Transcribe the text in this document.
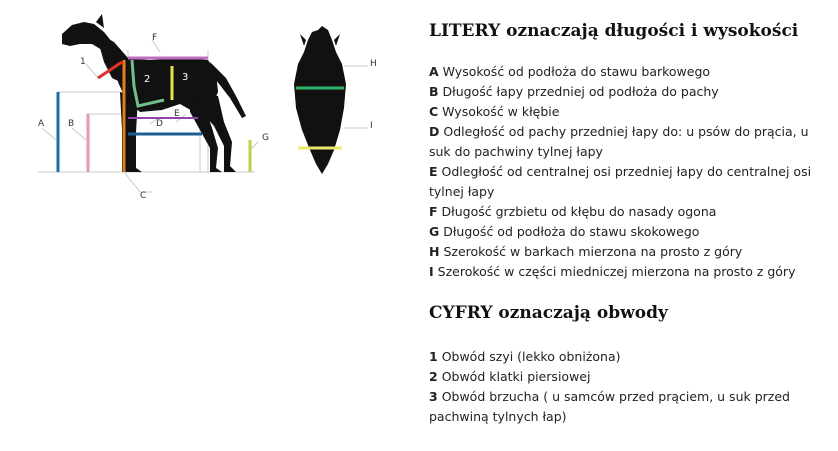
A	B
C
D
E
F
G
H
I
1
2	3
LITERY oznaczają długości i wysokości
A Wysokość od podłoża do stawu barkowego
B Długość łapy przedniej od podłoża do pachy
C Wysokość w kłębie
D Odległość od pachy przedniej łapy do: u psów do prącia, u suk do pachwiny tylnej łapy
E Odległość od centralnej osi przedniej łapy do centralnej osi tylnej łapy
F Długość grzbietu od kłębu do nasady ogona
G Długość od podłoża do stawu skokowego
H Szerokość w barkach mierzona na prosto z góry
I Szerokość w części miedniczej mierzona na prosto z góry
CYFRY oznaczają obwody
1 Obwód szyi (lekko obniżona)
2 Obwód klatki piersiowej
3 Obwód brzucha ( u samców przed prąciem, u suk przed pachwiną tylnych łap)
